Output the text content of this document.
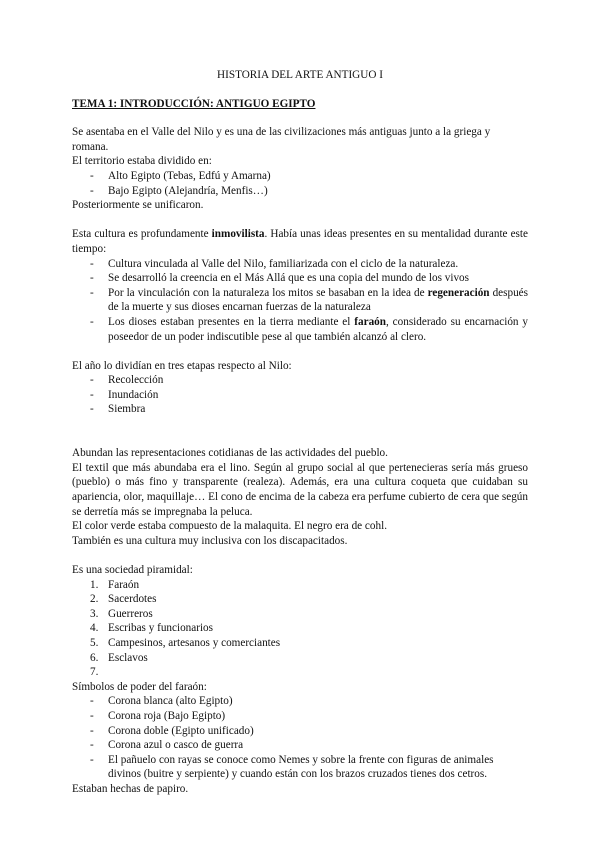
HISTORIA DEL ARTE ANTIGUO I
TEMA 1: INTRODUCCIÓN: ANTIGUO EGIPTO

Se asentaba en el Valle del Nilo y es una de las civilizaciones más antiguas junto a la griega y romana.

El territorio estaba dividido en:

- Alto Egipto (Tebas, Edfú y Amarna)
- Bajo Egipto (Alejandría, Menfis…)

Posteriormente se unificaron.

Esta cultura es profundamente inmovilista. Había unas ideas presentes en su mentalidad durante este tiempo:

- Cultura vinculada al Valle del Nilo, familiarizada con el ciclo de la naturaleza.
- Se desarrolló la creencia en el Más Allá que es una copia del mundo de los vivos
- Por la vinculación con la naturaleza los mitos se basaban en la idea de regeneración después de la muerte y sus dioses encarnan fuerzas de la naturaleza
- Los dioses estaban presentes en la tierra mediante el faraón, considerado su encarnación y poseedor de un poder indiscutible pese al que también alcanzó al clero.

El año lo dividían en tres etapas respecto al Nilo:

- Recolección
- Inundación
- Siembra

Abundan las representaciones cotidianas de las actividades del pueblo.

El textil que más abundaba era el lino. Según al grupo social al que pertenecieras sería más grueso (pueblo) o más fino y transparente (realeza). Además, era una cultura coqueta que cuidaban su apariencia, olor, maquillaje… El cono de encima de la cabeza era perfume cubierto de cera que según se derretía más se impregnaba la peluca.

El color verde estaba compuesto de la malaquita. El negro era de cohl.

También es una cultura muy inclusiva con los discapacitados.

Es una sociedad piramidal:

1. Faraón
2. Sacerdotes
3. Guerreros
4. Escribas y funcionarios
5. Campesinos, artesanos y comerciantes
6. Esclavos
7.

Símbolos de poder del faraón:

- Corona blanca (alto Egipto)
- Corona roja (Bajo Egipto)
- Corona doble (Egipto unificado)
- Corona azul o casco de guerra
- El pañuelo con rayas se conoce como Nemes y sobre la frente con figuras de animales divinos (buitre y serpiente) y cuando están con los brazos cruzados tienes dos cetros.

Estaban hechas de papiro.
